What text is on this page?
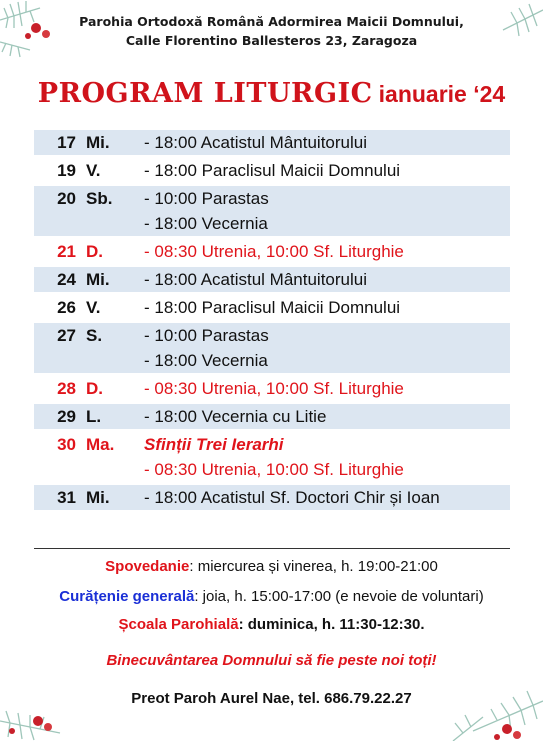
Parohia Ortodoxă Română Adormirea Maicii Domnului,
Calle Florentino Ballesteros 23, Zaragoza
PROGRAM LITURGIC ianuarie ‘24
17	Mi.	- 18:00 Acatistul Mântuitorului

19	V.	- 18:00 Paraclisul Maicii Domnului

20	Sb.	- 10:00 Parastas
- 18:00 Vecernia

21	D.	- 08:30 Utrenia, 10:00 Sf. Liturghie

24	Mi.	- 18:00 Acatistul Mântuitorului

26	V.	- 18:00 Paraclisul Maicii Domnului

27	S.	- 10:00 Parastas
- 18:00 Vecernia

28	D.	- 08:30 Utrenia, 10:00 Sf. Liturghie

29	L.	- 18:00 Vecernia cu Litie

30	Ma.	Sfinții Trei Ierarhi
- 08:30 Utrenia, 10:00 Sf. Liturghie

31	Mi.	- 18:00 Acatistul Sf. Doctori Chir și Ioan
Spovedanie: miercurea și vinerea, h. 19:00-21:00
Curățenie generală: joia, h. 15:00-17:00 (e nevoie de voluntari)
Școala Parohială: duminica, h. 11:30-12:30.
Binecuvântarea Domnului să fie peste noi toți!
Preot Paroh Aurel Nae, tel. 686.79.22.27
